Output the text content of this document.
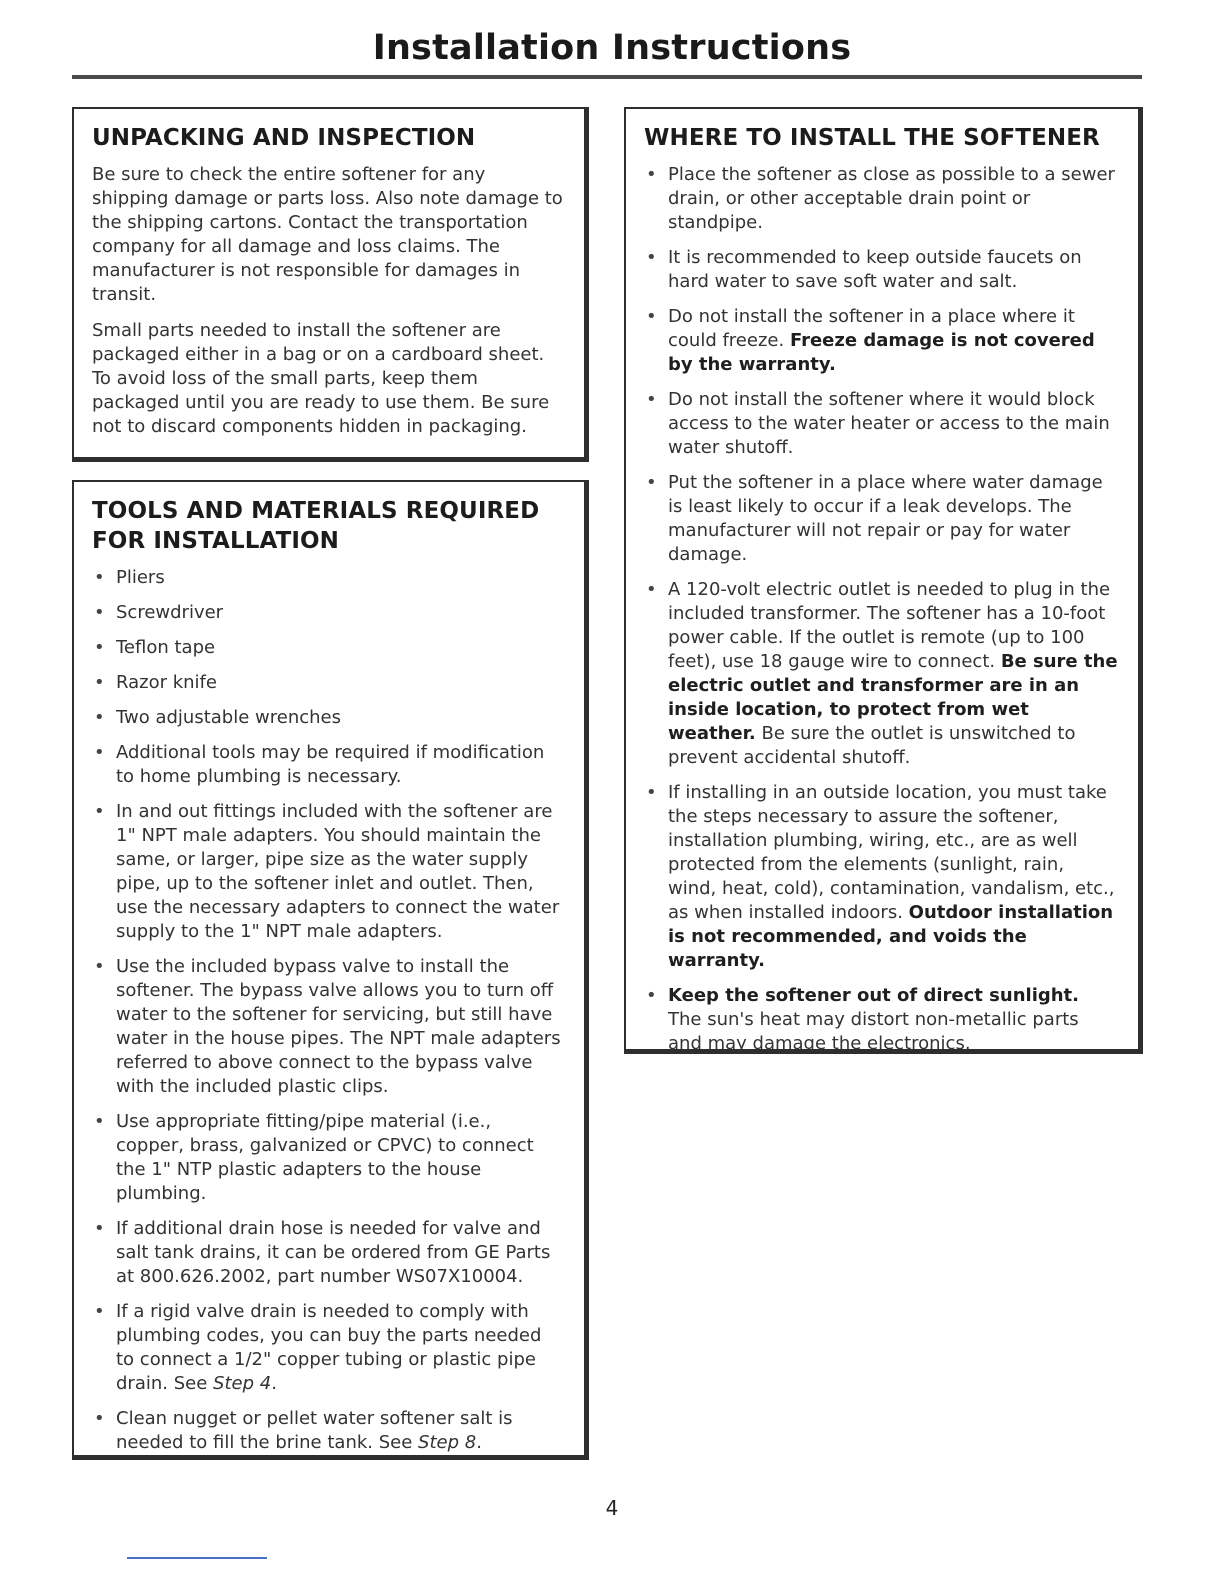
Installation Instructions
UNPACKING AND INSPECTION

Be sure to check the entire softener for any shipping damage or parts loss. Also note damage to the shipping cartons. Contact the transportation company for all damage and loss claims. The manufacturer is not responsible for damages in transit.

Small parts needed to install the softener are packaged either in a bag or on a cardboard sheet. To avoid loss of the small parts, keep them packaged until you are ready to use them. Be sure not to discard components hidden in packaging.

TOOLS AND MATERIALS REQUIRED FOR INSTALLATION
• Pliers
• Screwdriver
• Teflon tape
• Razor knife
• Two adjustable wrenches
• Additional tools may be required if modification to home plumbing is necessary.
• In and out fittings included with the softener are 1" NPT male adapters. You should maintain the same, or larger, pipe size as the water supply pipe, up to the softener inlet and outlet. Then, use the necessary adapters to connect the water supply to the 1" NPT male adapters.
• Use the included bypass valve to install the softener. The bypass valve allows you to turn off water to the softener for servicing, but still have water in the house pipes. The NPT male adapters referred to above connect to the bypass valve with the included plastic clips.
• Use appropriate fitting/pipe material (i.e., copper, brass, galvanized or CPVC) to connect the 1" NTP plastic adapters to the house plumbing.
• If additional drain hose is needed for valve and salt tank drains, it can be ordered from GE Parts at 800.626.2002, part number WS07X10004.
• If a rigid valve drain is needed to comply with plumbing codes, you can buy the parts needed to connect a 1/2" copper tubing or plastic pipe drain. See Step 4.
• Clean nugget or pellet water softener salt is needed to fill the brine tank. See Step 8.
WHERE TO INSTALL THE SOFTENER
• Place the softener as close as possible to a sewer drain, or other acceptable drain point or standpipe.
• It is recommended to keep outside faucets on hard water to save soft water and salt.
• Do not install the softener in a place where it could freeze. Freeze damage is not covered by the warranty.
• Do not install the softener where it would block access to the water heater or access to the main water shutoff.
• Put the softener in a place where water damage is least likely to occur if a leak develops. The manufacturer will not repair or pay for water damage.
• A 120-volt electric outlet is needed to plug in the included transformer. The softener has a 10-foot power cable. If the outlet is remote (up to 100 feet), use 18 gauge wire to connect. Be sure the electric outlet and transformer are in an inside location, to protect from wet weather. Be sure the outlet is unswitched to prevent accidental shutoff.
• If installing in an outside location, you must take the steps necessary to assure the softener, installation plumbing, wiring, etc., are as well protected from the elements (sunlight, rain, wind, heat, cold), contamination, vandalism, etc., as when installed indoors. Outdoor installation is not recommended, and voids the warranty.
• Keep the softener out of direct sunlight.
The sun's heat may distort non-metallic parts and may damage the electronics.
4
